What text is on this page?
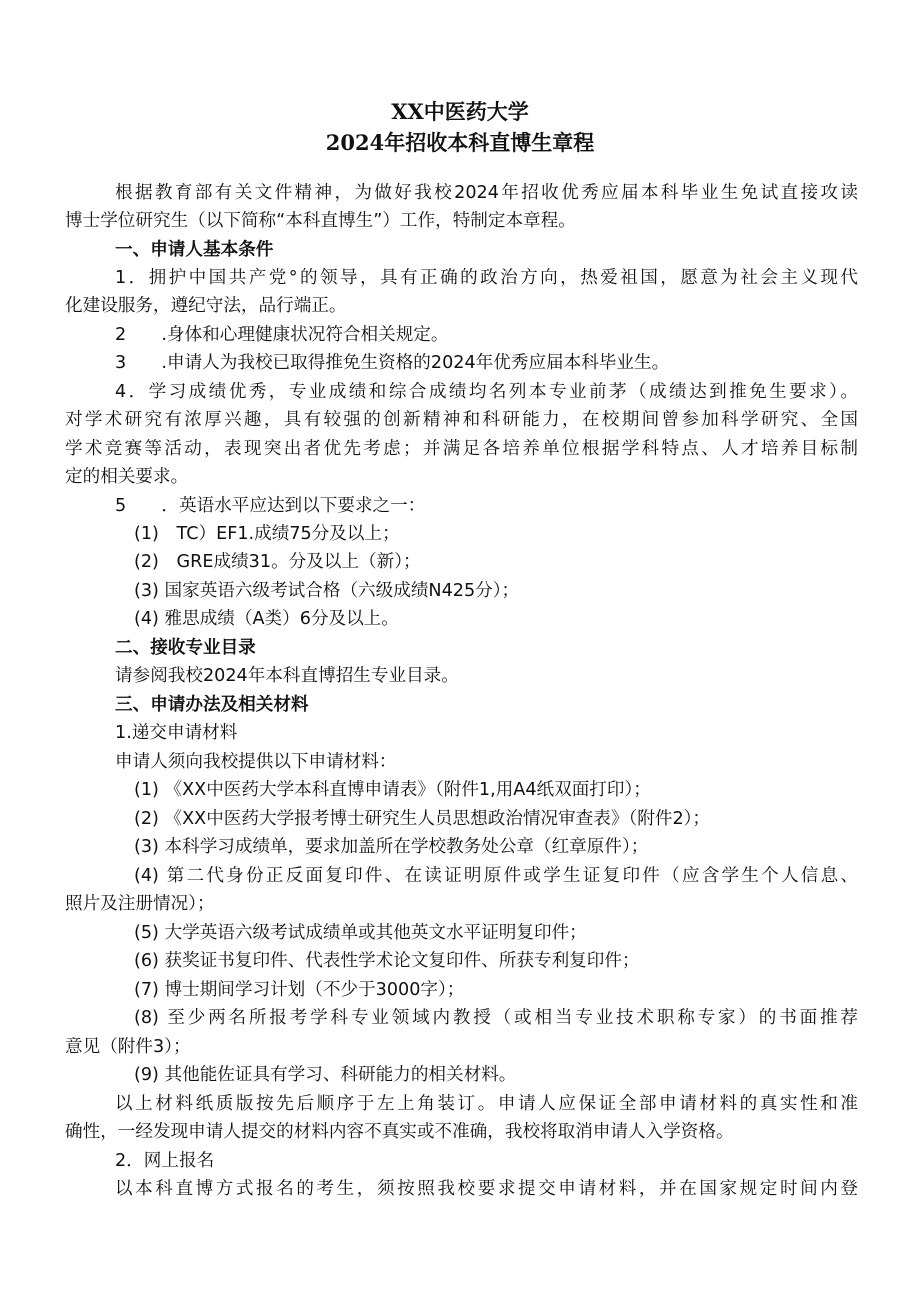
XX中医药大学
2024年招收本科直博生章程
根据教育部有关文件精神，为做好我校2024年招收优秀应届本科毕业生免试直接攻读
博士学位研究生（以下简称“本科直博生”）工作，特制定本章程。
一、申请人基本条件
1．拥护中国共产党°的领导，具有正确的政治方向，热爱祖国，愿意为社会主义现代
化建设服务，遵纪守法，品行端正。
2　　.身体和心理健康状况符合相关规定。
3　　.申请人为我校已取得推免生资格的2024年优秀应届本科毕业生。
4．学习成绩优秀，专业成绩和综合成绩均名列本专业前茅（成绩达到推免生要求）。
对学术研究有浓厚兴趣，具有较强的创新精神和科研能力，在校期间曾参加科学研究、全国
学术竞赛等活动，表现突出者优先考虑；并满足各培养单位根据学科特点、人才培养目标制
定的相关要求。
5　　．英语水平应达到以下要求之一：
(1)　TC）EF1.成绩75分及以上；
(2)　GRE成绩31。分及以上（新）；
(3) 国家英语六级考试合格（六级成绩N425分）；
(4) 雅思成绩（A类）6分及以上。
二、接收专业目录
请参阅我校2024年本科直博招生专业目录。
三、申请办法及相关材料
1.递交申请材料
申请人须向我校提供以下申请材料：
(1) 《XX中医药大学本科直博申请表》（附件1,用A4纸双面打印）；
(2) 《XX中医药大学报考博士研究生人员思想政治情况审查表》（附件2）；
(3) 本科学习成绩单，要求加盖所在学校教务处公章（红章原件）；
(4) 第二代身份正反面复印件、在读证明原件或学生证复印件（应含学生个人信息、
照片及注册情况）；
(5) 大学英语六级考试成绩单或其他英文水平证明复印件；
(6) 获奖证书复印件、代表性学术论文复印件、所获专利复印件；
(7) 博士期间学习计划（不少于3000字）；
(8) 至少两名所报考学科专业领域内教授（或相当专业技术职称专家）的书面推荐
意见（附件3）；
(9) 其他能佐证具有学习、科研能力的相关材料。
以上材料纸质版按先后顺序于左上角装订。申请人应保证全部申请材料的真实性和准
确性，一经发现申请人提交的材料内容不真实或不准确，我校将取消申请人入学资格。
2．网上报名
以本科直博方式报名的考生，须按照我校要求提交申请材料，并在国家规定时间内登
